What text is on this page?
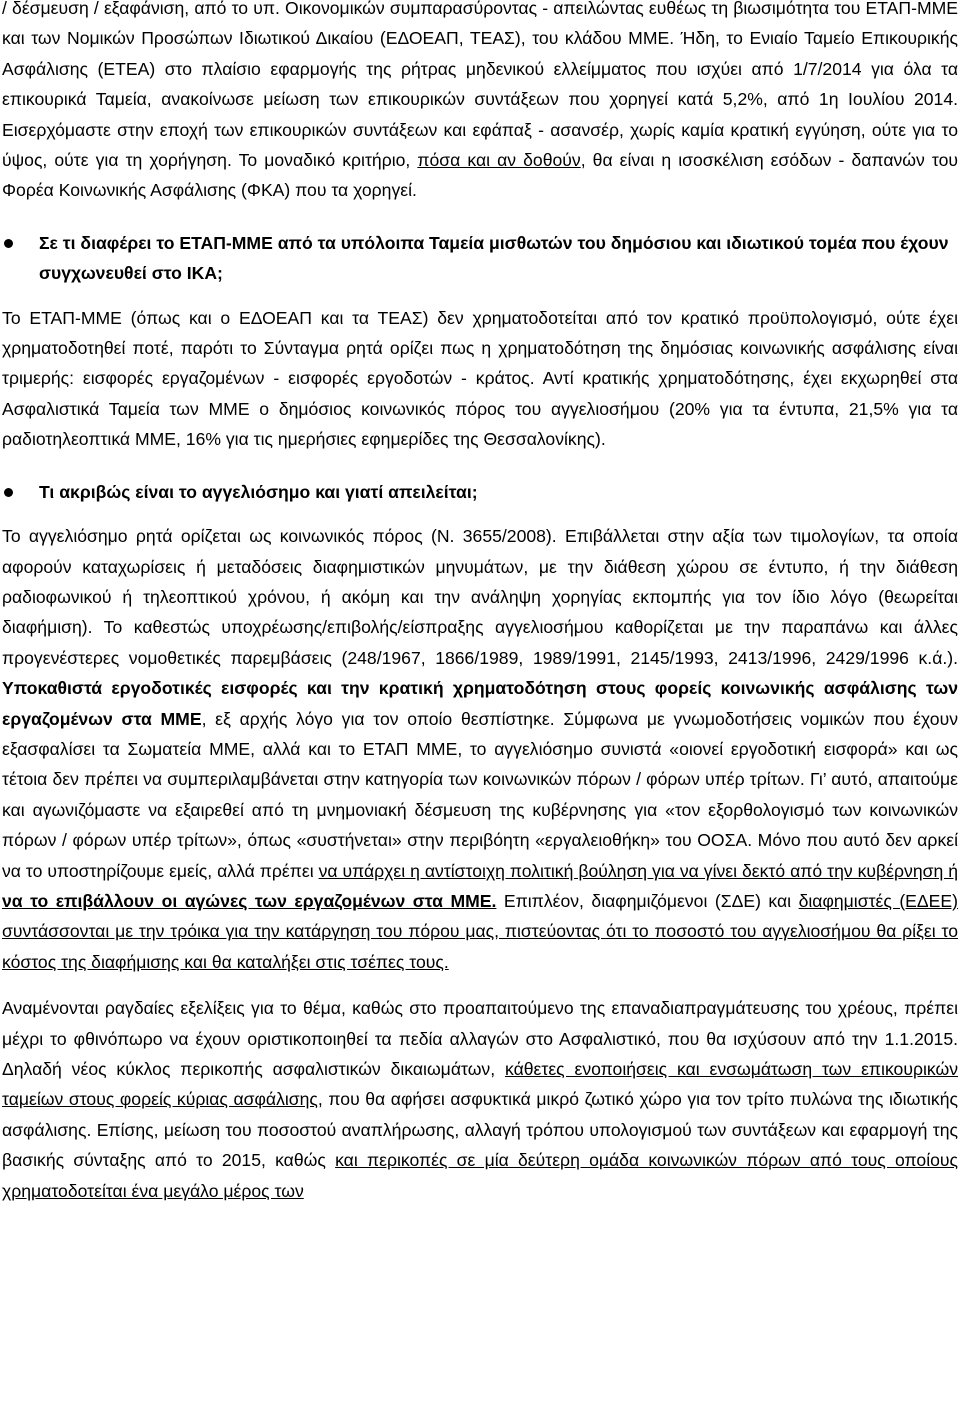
/ δέσμευση / εξαφάνιση, από το υπ. Οικονομικών συμπαρασύροντας - απειλώντας ευθέως τη βιωσιμότητα του ΕΤΑΠ-ΜΜΕ και των Νομικών Προσώπων Ιδιωτικού Δικαίου (ΕΔΟΕΑΠ, ΤΕΑΣ), του κλάδου ΜΜΕ. Ήδη, το Ενιαίο Ταμείο Επικουρικής Ασφάλισης (ΕΤΕΑ) στο πλαίσιο εφαρμογής της ρήτρας μηδενικού ελλείμματος που ισχύει από 1/7/2014 για όλα τα επικουρικά Ταμεία, ανακοίνωσε μείωση των επικουρικών συντάξεων που χορηγεί κατά 5,2%, από 1η Ιουλίου 2014. Εισερχόμαστε στην εποχή των επικουρικών συντάξεων και εφάπαξ - ασανσέρ, χωρίς καμία κρατική εγγύηση, ούτε για το ύψος, ούτε για τη χορήγηση. Το μοναδικό κριτήριο, πόσα και αν δοθούν, θα είναι η ισοσκέλιση εσόδων - δαπανών του Φορέα Κοινωνικής Ασφάλισης (ΦΚΑ) που τα χορηγεί.

Σε τι διαφέρει το ΕΤΑΠ-ΜΜΕ από τα υπόλοιπα Ταμεία μισθωτών του δημόσιου και ιδιωτικού τομέα που έχουν συγχωνευθεί στο ΙΚΑ;

Το ΕΤΑΠ-ΜΜΕ (όπως και ο ΕΔΟΕΑΠ και τα ΤΕΑΣ) δεν χρηματοδοτείται από τον κρατικό προϋπολογισμό, ούτε έχει χρηματοδοτηθεί ποτέ, παρότι το Σύνταγμα ρητά ορίζει πως η χρηματοδότηση της δημόσιας κοινωνικής ασφάλισης είναι τριμερής: εισφορές εργαζομένων - εισφορές εργοδοτών - κράτος. Αντί κρατικής χρηματοδότησης, έχει εκχωρηθεί στα Ασφαλιστικά Ταμεία των ΜΜΕ ο δημόσιος κοινωνικός πόρος του αγγελιοσήμου (20% για τα έντυπα, 21,5% για τα ραδιοτηλεοπτικά ΜΜΕ, 16% για τις ημερήσιες εφημερίδες της Θεσσαλονίκης).

Τι ακριβώς είναι το αγγελιόσημο και γιατί απειλείται;

Το αγγελιόσημο ρητά ορίζεται ως κοινωνικός πόρος (Ν. 3655/2008). Επιβάλλεται στην αξία των τιμολογίων, τα οποία αφορούν καταχωρίσεις ή μεταδόσεις διαφημιστικών μηνυμάτων, με την διάθεση χώρου σε έντυπο, ή την διάθεση ραδιοφωνικού ή τηλεοπτικού χρόνου, ή ακόμη και την ανάληψη χορηγίας εκπομπής για τον ίδιο λόγο (θεωρείται διαφήμιση). Το καθεστώς υποχρέωσης/επιβολής/είσπραξης αγγελιοσήμου καθορίζεται με την παραπάνω και άλλες προγενέστερες νομοθετικές παρεμβάσεις (248/1967, 1866/1989, 1989/1991, 2145/1993, 2413/1996, 2429/1996 κ.ά.). Υποκαθιστά εργοδοτικές εισφορές και την κρατική χρηματοδότηση στους φορείς κοινωνικής ασφάλισης των εργαζομένων στα ΜΜΕ, εξ αρχής λόγο για τον οποίο θεσπίστηκε. Σύμφωνα με γνωμοδοτήσεις νομικών που έχουν εξασφαλίσει τα Σωματεία ΜΜΕ, αλλά και το ΕΤΑΠ ΜΜΕ, το αγγελιόσημο συνιστά «οιονεί εργοδοτική εισφορά» και ως τέτοια δεν πρέπει να συμπεριλαμβάνεται στην κατηγορία των κοινωνικών πόρων / φόρων υπέρ τρίτων. Γι’ αυτό, απαιτούμε και αγωνιζόμαστε να εξαιρεθεί από τη μνημονιακή δέσμευση της κυβέρνησης για «τον εξορθολογισμό των κοινωνικών πόρων / φόρων υπέρ τρίτων», όπως «συστήνεται» στην περιβόητη «εργαλειοθήκη» του ΟΟΣΑ. Μόνο που αυτό δεν αρκεί να το υποστηρίζουμε εμείς, αλλά πρέπει να υπάρχει η αντίστοιχη πολιτική βούληση για να γίνει δεκτό από την κυβέρνηση ή να το επιβάλλουν οι αγώνες των εργαζομένων στα ΜΜΕ. Επιπλέον, διαφημιζόμενοι (ΣΔΕ) και διαφημιστές (ΕΔΕΕ) συντάσσονται με την τρόικα για την κατάργηση του πόρου μας, πιστεύοντας ότι το ποσοστό του αγγελιοσήμου θα ρίξει το κόστος της διαφήμισης και θα καταλήξει στις τσέπες τους.

Αναμένονται ραγδαίες εξελίξεις για το θέμα, καθώς στο προαπαιτούμενο της επαναδιαπραγμάτευσης του χρέους, πρέπει μέχρι το φθινόπωρο να έχουν οριστικοποιηθεί τα πεδία αλλαγών στο Ασφαλιστικό, που θα ισχύσουν από την 1.1.2015. Δηλαδή νέος κύκλος περικοπής ασφαλιστικών δικαιωμάτων, κάθετες ενοποιήσεις και ενσωμάτωση των επικουρικών ταμείων στους φορείς κύριας ασφάλισης, που θα αφήσει ασφυκτικά μικρό ζωτικό χώρο για τον τρίτο πυλώνα της ιδιωτικής ασφάλισης. Επίσης, μείωση του ποσοστού αναπλήρωσης, αλλαγή τρόπου υπολογισμού των συντάξεων και εφαρμογή της βασικής σύνταξης από το 2015, καθώς και περικοπές σε μία δεύτερη ομάδα κοινωνικών πόρων από τους οποίους χρηματοδοτείται ένα μεγάλο μέρος των
